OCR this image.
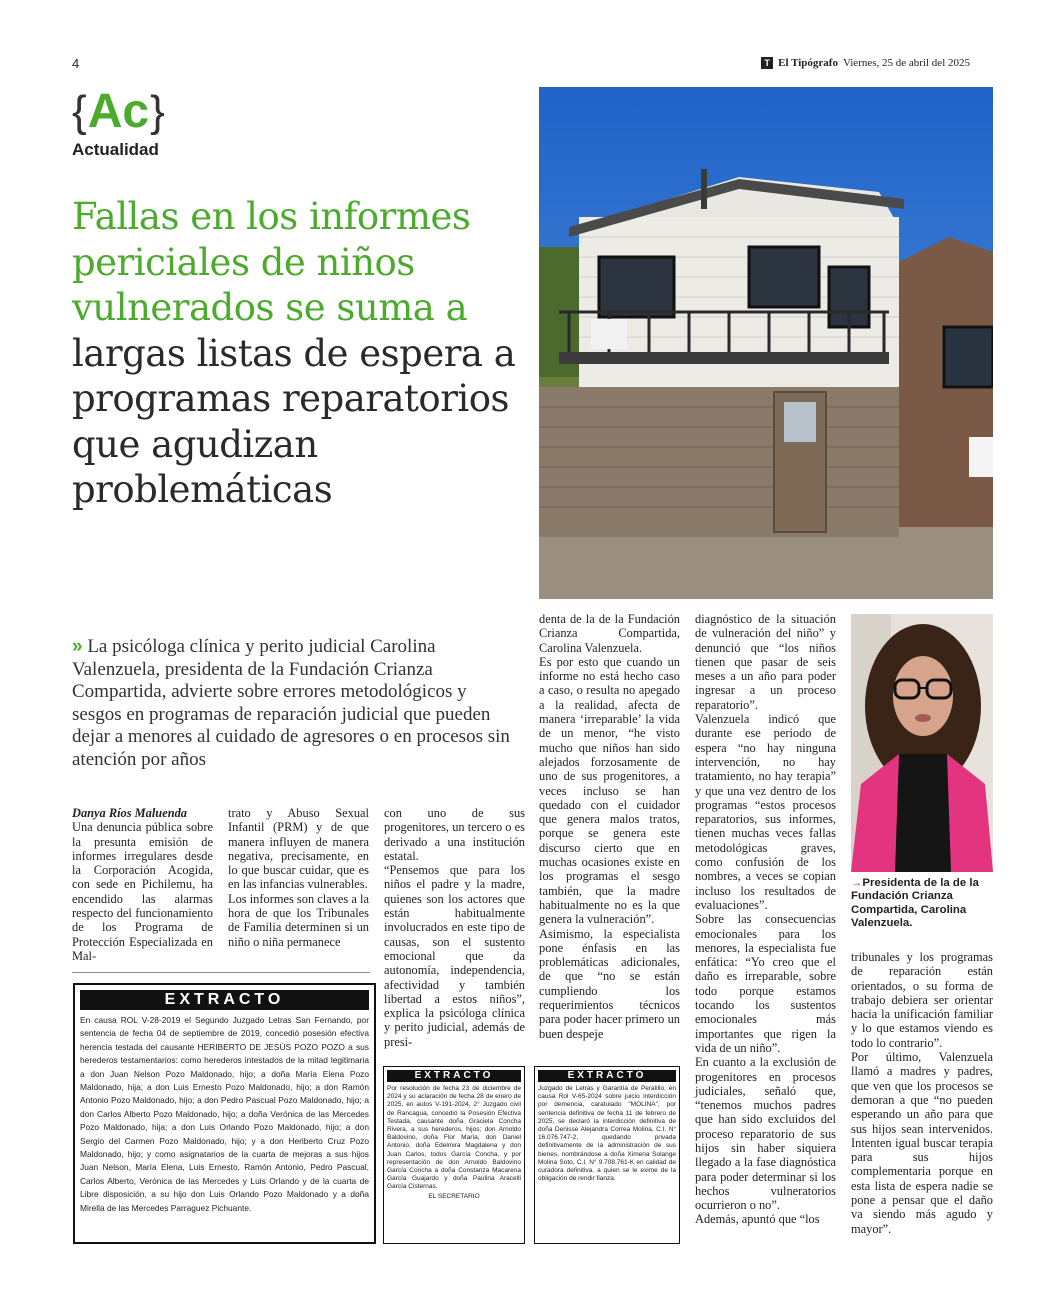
4	T El Tipógrafo Viernes, 25 de abril del 2025
{ Ac }
Actualidad
Fallas en los informes periciales de niños vulnerados se suma a largas listas de espera a programas reparatorios que agudizan problemáticas
» La psicóloga clínica y perito judicial Carolina Valenzuela, presidenta de la Fundación Crianza Compartida, advierte sobre errores metodológicos y sesgos en programas de reparación judicial que pueden dejar a menores al cuidado de agresores o en procesos sin atención por años
Danya Ríos Maluenda

Una denuncia pública sobre la presunta emisión de informes irregulares desde la Corporación Acogida, con sede en Pichilemu, ha encendido las alarmas respecto del funcionamiento de los Programa de Protección Especializada en Mal-

trato y Abuso Sexual Infantil (PRM) y de que manera influyen de manera negativa, precisamente, en lo que buscar cuidar, que es en las infancias vulnerables.
Los informes son claves a la hora de que los Tribunales de Familia determinen si un niño o niña permanece
con uno de sus progenitores, un tercero o es derivado a una institución estatal.
“Pensemos que para los niños el padre y la madre, quienes son los actores que están habitualmente involucrados en este tipo de causas, son el sustento emocional que da autonomía, independencia, afectividad y también libertad a estos niños”, explica la psicóloga clínica y perito judicial, además de presi-
denta de la de la Fundación Crianza Compartida, Carolina Valenzuela.
Es por esto que cuando un informe no está hecho caso a caso, o resulta no apegado a la realidad, afecta de manera ‘irreparable’ la vida de un menor, “he visto mucho que niños han sido alejados forzosamente de uno de sus progenitores, a veces incluso se han quedado con el cuidador que genera malos tratos, porque se genera este discurso cierto que en muchas ocasiones existe en los programas el sesgo también, que la madre habitualmente no es la que genera la vulneración”.
Asimismo, la especialista pone énfasis en las problemáticas adicionales, de que “no se están cumpliendo los requerimientos técnicos para poder hacer primero un buen despeje
diagnóstico de la situación de vulneración del niño” y denunció que “los niños tienen que pasar de seis meses a un año para poder ingresar a un proceso reparatorio”.
Valenzuela indicó que durante ese periodo de espera “no hay ninguna intervención, no hay tratamiento, no hay terapia” y que una vez dentro de los programas “estos procesos reparatorios, sus informes, tienen muchas veces fallas metodológicas graves, como confusión de los nombres, a veces se copian incluso los resultados de evaluaciones”.
Sobre las consecuencias emocionales para los menores, la especialista fue enfática: “Yo creo que el daño es irreparable, sobre todo porque estamos tocando los sustentos emocionales más importantes que rigen la vida de un niño”.
En cuanto a la exclusión de progenitores en procesos judiciales, señaló que, “tenemos muchos padres que han sido excluidos del proceso reparatorio de sus hijos sin haber siquiera llegado a la fase diagnóstica para poder determinar si los hechos vulneratorios ocurrieron o no”.
Además, apuntó que “los
tribunales y los programas de reparación están orientados, o su forma de trabajo debiera ser orientar hacia la unificación familiar y lo que estamos viendo es todo lo contrario”.
Por último, Valenzuela llamó a madres y padres, que ven que los procesos se demoran a que “no pueden esperando un año para que sus hijos sean intervenidos. Intenten igual buscar terapia para sus hijos complementaria porque en esta lista de espera nadie se pone a pensar que el daño va siendo más agudo y mayor”.
→Presidenta de la de la Fundación Crianza Compartida, Carolina Valenzuela.
EXTRACTO
En causa ROL V-28-2019 el Segundo Juzgado Letras San Fernando, por sentencia de fecha 04 de septiembre de 2019, concedió posesión efectiva herencia testada del causante HERIBERTO DE JESÚS POZO POZO a sus herederos testamentarios: como herederos intestados de la mitad legitimaria a don Juan Nelson Pozo Maldonado, hijo; a doña María Elena Pozo Maldonado, hija; a don Luis Ernesto Pozo Maldonado, hijo; a don Ramón Antonio Pozo Maldonado, hijo; a don Pedro Pascual Pozo Maldonado, hijo; a don Carlos Alberto Pozo Maldonado, hijo; a doña Verónica de las Mercedes Pozo Maldonado, hija; a don Luis Orlando Pozo Maldonado, hijo; a don Sergio del Carmen Pozo Maldonado, hijo; y a don Heriberto Cruz Pozo Maldonado, hijo; y como asignatarios de la cuarta de mejoras a sus hijos Juan Nelson, María Elena, Luis Ernesto, Ramón Antonio, Pedro Pascual, Carlos Alberto, Verónica de las Mercedes y Luis Orlando y de la cuarta de Libre disposición, a su hijo don Luis Orlando Pozo Maldonado y a doña Mirella de las Mercedes Parraguez Pichuante.
EXTRACTO
Por resolución de fecha 23 de diciembre de 2024 y su aclaración de fecha 28 de enero de 2025, en autos V-191-2024, 2° Juzgado civil de Rancagua, concedió la Posesión Efectiva Testada, causante doña Graciela Concha Rivera, a sus herederos, hijos; don Arnoldo Baldovino, doña Flor María, don Daniel Antonio, doña Edelmira Magdalena y don Juan Carlos, todos García Concha, y por representación de don Arnoldo Baldovino García Concha a doña Constanza Macarena García Guajardo y doña Paulina Aracelli García Cisternas.
EL SECRETARIO
EXTRACTO
Juzgado de Letras y Garantía de Peralillo, en causa Rol V-65-2024 sobre juicio interdicción por demencia, caratulado "MOLINA", por sentencia definitiva de fecha 11 de febrero de 2025, se declaró la interdicción definitiva de doña Denisse Alejandra Correa Molina, C.I. N° 16.076.747-2, quedando privada definitivamente de la administración de sus bienes, nombrándose a doña Ximena Solange Molina Soto, C.I. N° 9.708.761-K en calidad de curadora definitiva, a quien se le exime de la obligación de rendir fianza.
